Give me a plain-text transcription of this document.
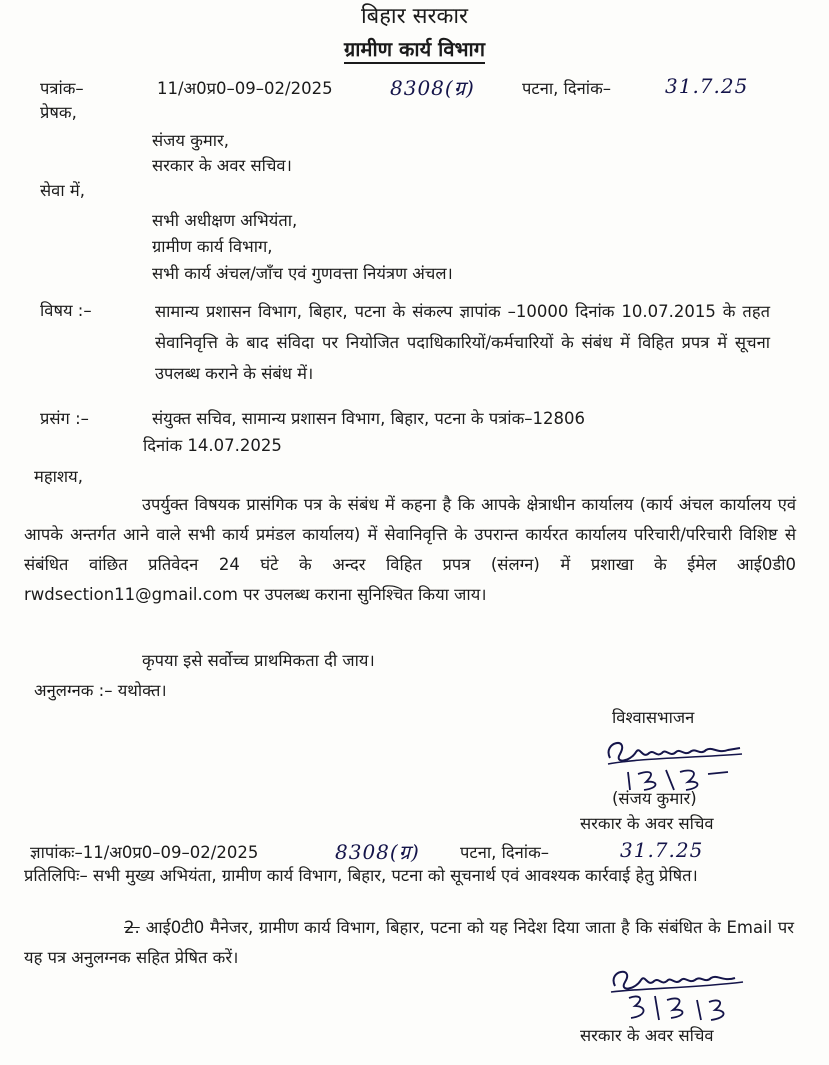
बिहार सरकार
ग्रामीण कार्य विभाग
पत्रांक–	11/अ0प्र0–09–02/2025	8308(ग्र)	पटना, दिनांक–	31.7.25
प्रेषक,
संजय कुमार,
सरकार के अवर सचिव।
सेवा में,
सभी अधीक्षण अभियंता,
ग्रामीण कार्य विभाग,
सभी कार्य अंचल/जाँच एवं गुणवत्ता नियंत्रण अंचल।
विषय :–	सामान्य प्रशासन विभाग, बिहार, पटना के संकल्प ज्ञापांक –10000 दिनांक 10.07.2015 के तहत सेवानिवृत्ति के बाद संविदा पर नियोजित पदाधिकारियों/कर्मचारियों के संबंध में विहित प्रपत्र में सूचना उपलब्ध कराने के संबंध में।
प्रसंग :–	संयुक्त सचिव, सामान्य प्रशासन विभाग, बिहार, पटना के पत्रांक–12806
दिनांक 14.07.2025
महाशय,
उपर्युक्त विषयक प्रासंगिक पत्र के संबंध में कहना है कि आपके क्षेत्राधीन कार्यालय (कार्य अंचल कार्यालय एवं आपके अन्तर्गत आने वाले सभी कार्य प्रमंडल कार्यालय) में सेवानिवृत्ति के उपरान्त कार्यरत कार्यालय परिचारी/परिचारी विशिष्ट से संबंधित वांछित प्रतिवेदन 24 घंटे के अन्दर विहित प्रपत्र (संलग्न) में प्रशाखा के ईमेल आई0डी0 rwdsection11@gmail.com पर उपलब्ध कराना सुनिश्चित किया जाय।
कृपया इसे सर्वोच्च प्राथमिकता दी जाय।
अनुलग्नक :– यथोक्त।
विश्वासभाजन
(संजय कुमार)
सरकार के अवर सचिव
ज्ञापांकः–11/अ0प्र0–09–02/2025	8308(ग्र) पटना, दिनांक–	31.7.25
प्रतिलिपिः– सभी मुख्य अभियंता, ग्रामीण कार्य विभाग, बिहार, पटना को सूचनार्थ एवं आवश्यक कार्रवाई हेतु प्रेषित।
2. आई0टी0 मैनेजर, ग्रामीण कार्य विभाग, बिहार, पटना को यह निदेश दिया जाता है कि संबंधित के Email पर यह पत्र अनुलग्नक सहित प्रेषित करें।
सरकार के अवर सचिव
